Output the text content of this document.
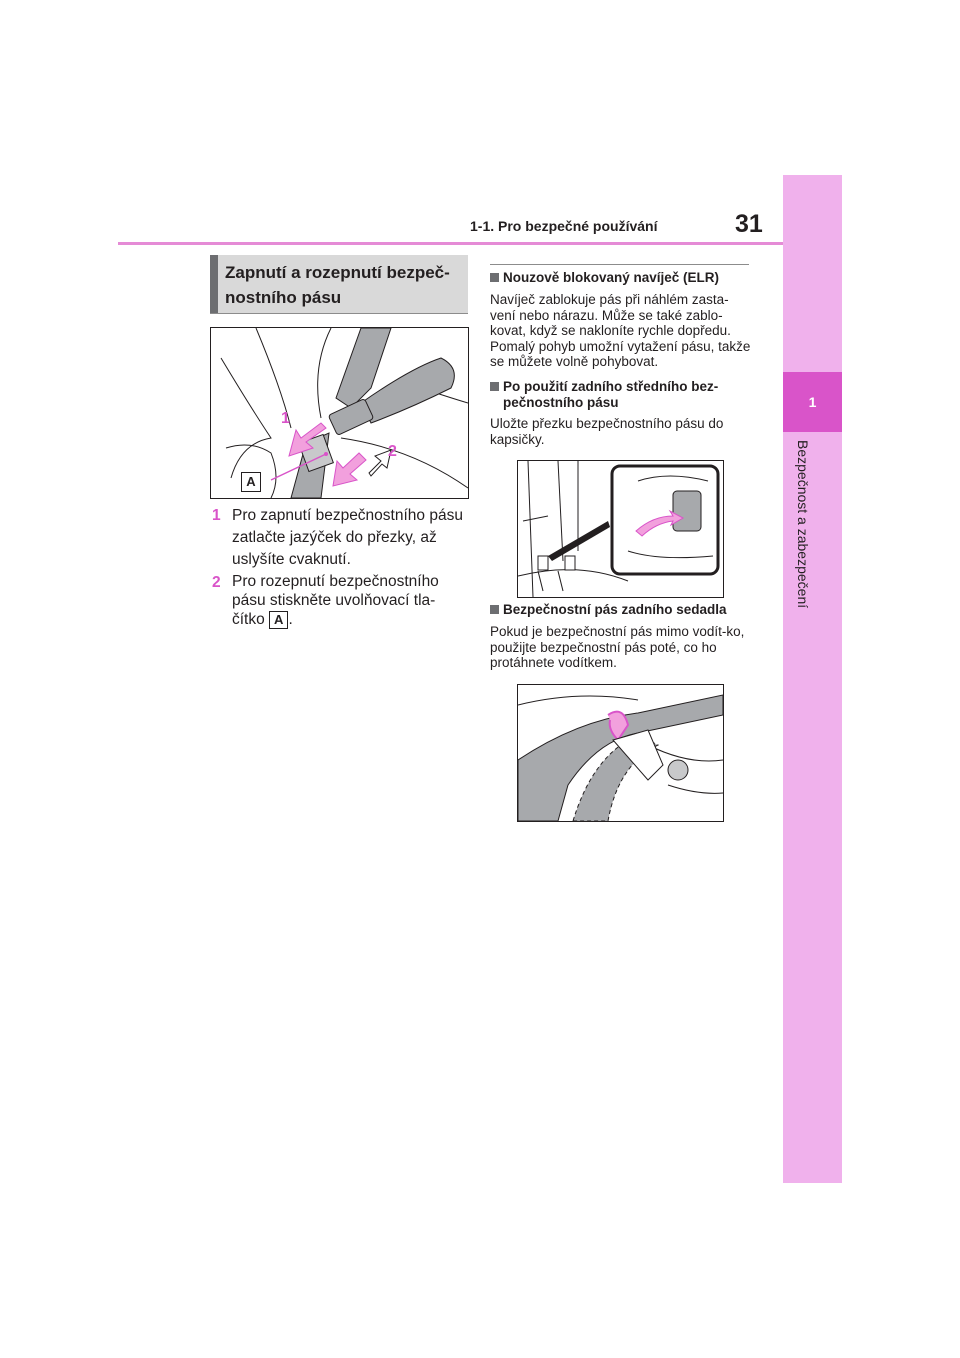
1-1. Pro bezpečné používání	31
1
Bezpečnost a zabezpečení
Zapnutí a rozepnutí bezpeč-nostního pásu
1
2
A
1 Pro zapnutí bezpečnostního pásu zatlačte jazýček do přezky, až uslyšíte cvaknutí.
2 Pro rozepnutí bezpečnostního pásu stiskněte uvolňovací tla-čítko A .
Nouzově blokovaný navíječ (ELR)
Navíječ zablokuje pás při náhlém zasta-vení nebo nárazu. Může se také zablo-kovat, když se nakloníte rychle dopředu. Pomalý pohyb umožní vytažení pásu, takže se můžete volně pohybovat.
Po použití zadního středního bez-pečnostního pásu
Uložte přezku bezpečnostního pásu do kapsičky.
Bezpečnostní pás zadního sedadla
Pokud je bezpečnostní pás mimo vodít-ko, použijte bezpečnostní pás poté, co ho protáhnete vodítkem.
